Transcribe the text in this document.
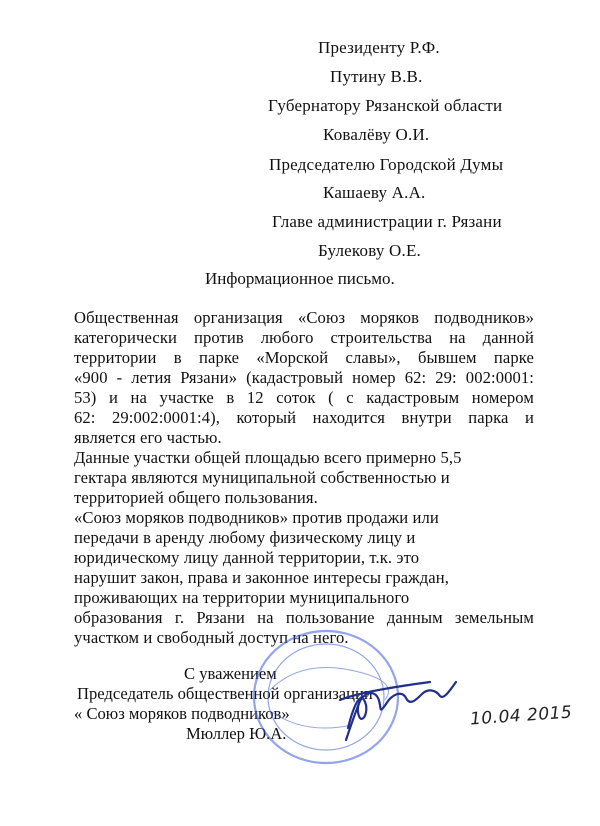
Президенту Р.Ф.
Путину В.В.
Губернатору Рязанской области
Ковалёву О.И.
Председателю Городской Думы
Кашаеву А.А.
Главе администрации г. Рязани
Булекову О.Е.
Информационное письмо.
Общественная организация «Союз моряков подводников»
категорически против любого строительства на данной
территории в парке «Морской славы», бывшем парке
«900 - летия Рязани» (кадастровый номер 62: 29: 002:0001:
53) и на участке в 12 соток ( с кадастровым номером
62: 29:002:0001:4), который находится внутри парка и
является его частью.
Данные участки общей площадью всего примерно 5,5
гектара являются муниципальной собственностью и
территорией общего пользования.
«Союз моряков подводников» против продажи или
передачи в аренду любому физическому лицу и
юридическому лицу данной территории, т.к. это
нарушит закон, права и законное интересы граждан,
проживающих на территории муниципального
образования г. Рязани на пользование данным земельным
участком и свободный доступ на него.
С уважением
Председатель общественной организации
« Союз моряков подводников»
Мюллер Ю.А.
10.04 2015
